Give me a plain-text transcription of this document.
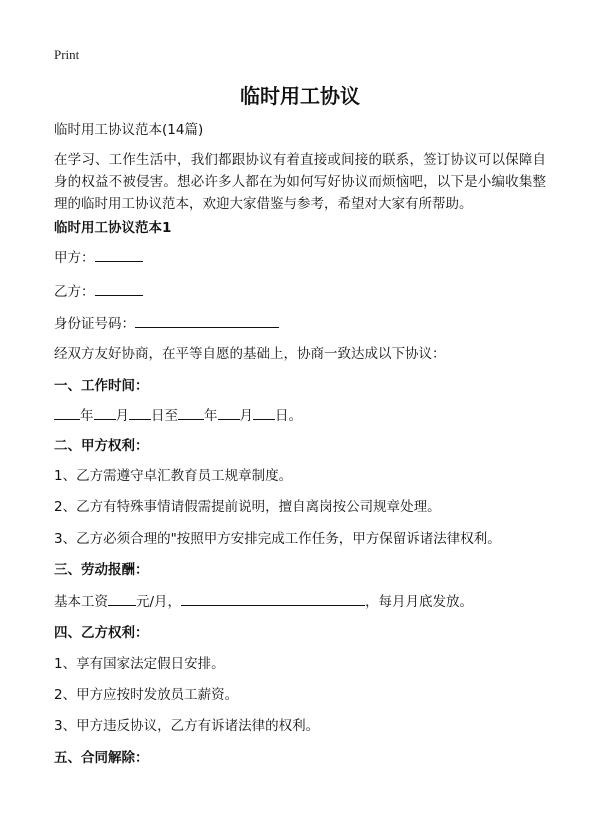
Print
临时用工协议
临时用工协议范本(14篇)
在学习、工作生活中，我们都跟协议有着直接或间接的联系，签订协议可以保障自身的权益不被侵害。想必许多人都在为如何写好协议而烦恼吧，以下是小编收集整理的临时用工协议范本，欢迎大家借鉴与参考，希望对大家有所帮助。
临时用工协议范本1
甲方：
乙方：
身份证号码：
经双方友好协商，在平等自愿的基础上，协商一致达成以下协议：
一、工作时间：
年 月 日至 年 月 日。
二、甲方权利：
1、乙方需遵守卓汇教育员工规章制度。
2、乙方有特殊事情请假需提前说明，擅自离岗按公司规章处理。
3、乙方必须合理的"按照甲方安排完成工作任务，甲方保留诉诸法律权利。
三、劳动报酬：
基本工资 元/月，	，每月月底发放。
四、乙方权利：
1、享有国家法定假日安排。
2、甲方应按时发放员工薪资。
3、甲方违反协议，乙方有诉诸法律的权利。
五、合同解除：
